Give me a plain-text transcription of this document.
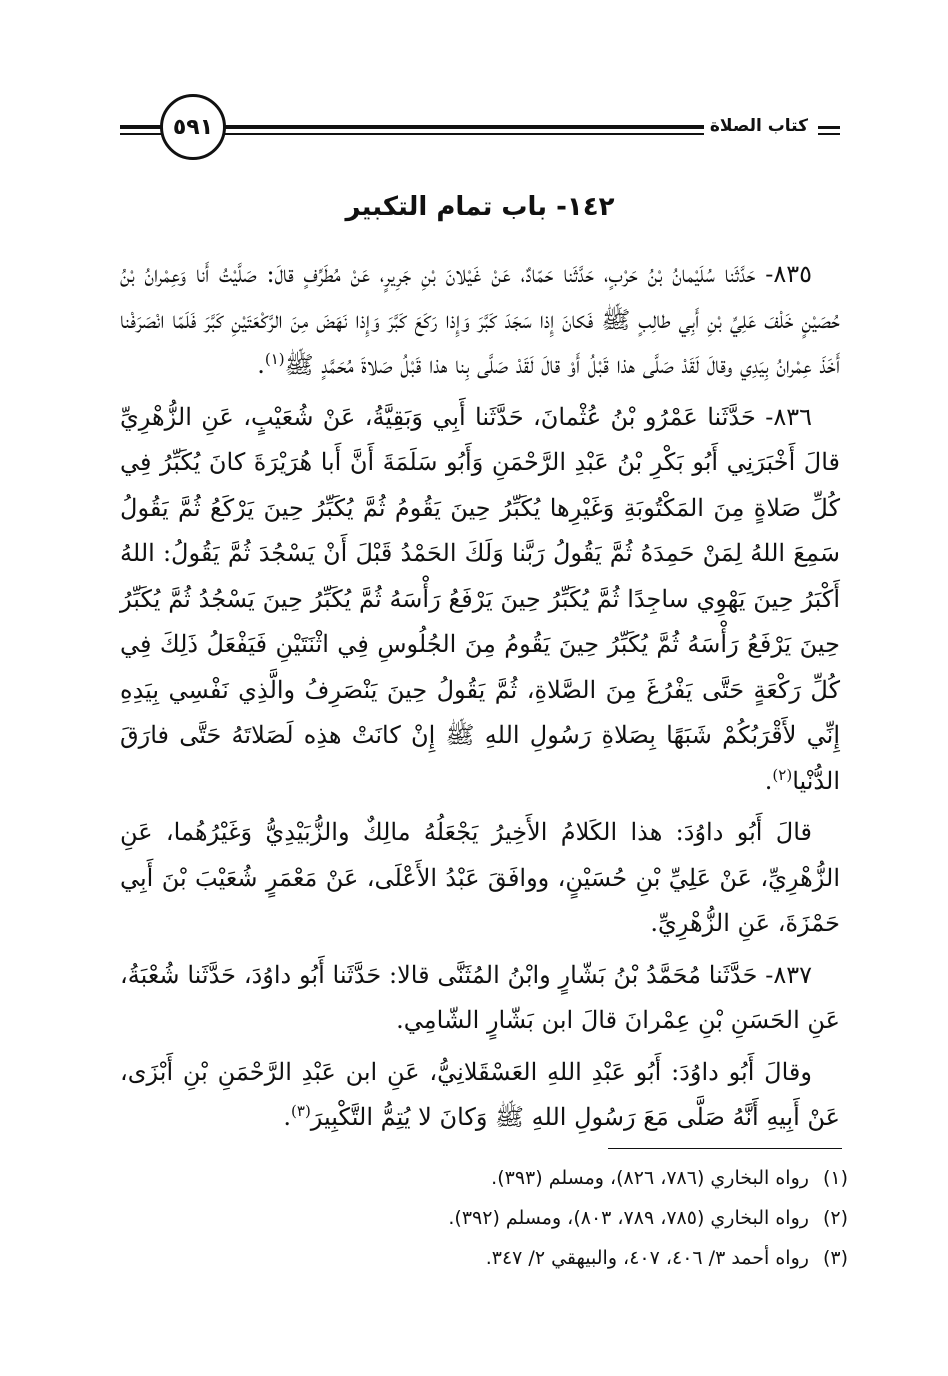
٥٩١	كتاب الصلاة
١٤٢- باب تمام التكبير

٨٣٥- حَدَّثَنا سُلَيْمانُ بْنُ حَرْبٍ، حَدَّثَنا حَمّادٌ، عَنْ غَيْلانَ بْنِ جَرِيرٍ، عَنْ مُطَرِّفٍ قالَ: صَلَّيْتُ أَنا وَعِمْرانُ بْنُ حُصَيْنٍ خَلْفَ عَلِيِّ بْنِ أَبِي طالِبٍ ﷺ فَكانَ إِذا سَجَدَ كَبَّرَ وَإِذا رَكَعَ كَبَّرَ وَإِذا نَهَضَ مِنَ الرَّكْعَتَيْنِ كَبَّرَ فَلَمّا انْصَرَفْنا أَخَذَ عِمْرانُ بِيَدِي وقالَ لَقَدْ صَلَّى هذا قَبْلُ أَوْ قالَ لَقَدْ صَلَّى بِنا هذا قَبْلُ صَلاةَ مُحَمَّدٍ ﷺ$^{(١)}$.

٨٣٦- حَدَّثَنا عَمْرُو بْنُ عُثْمانَ، حَدَّثَنا أَبِي وَبَقِيَّةُ، عَنْ شُعَيْبٍ، عَنِ الزُّهْرِيِّ قالَ أَخْبَرَنِي أَبُو بَكْرِ بْنُ عَبْدِ الرَّحْمَنِ وَأَبُو سَلَمَةَ أَنَّ أَبا هُرَيْرَةَ كانَ يُكَبِّرُ فِي كُلِّ صَلاةٍ مِنَ المَكْتُوبَةِ وَغَيْرِها يُكَبِّرُ حِينَ يَقُومُ ثُمَّ يُكَبِّرُ حِينَ يَرْكَعُ ثُمَّ يَقُولُ سَمِعَ اللهُ لِمَنْ حَمِدَهُ ثُمَّ يَقُولُ رَبَّنا وَلَكَ الحَمْدُ قَبْلَ أَنْ يَسْجُدَ ثُمَّ يَقُولُ: اللهُ أَكْبَرُ حِينَ يَهْوِي ساجِدًا ثُمَّ يُكَبِّرُ حِينَ يَرْفَعُ رَأْسَهُ ثُمَّ يُكَبِّرُ حِينَ يَسْجُدُ ثُمَّ يُكَبِّرُ حِينَ يَرْفَعُ رَأْسَهُ ثُمَّ يُكَبِّرُ حِينَ يَقُومُ مِنَ الجُلُوسِ فِي اثْنَتَيْنِ فَيَفْعَلُ ذَلِكَ فِي كُلِّ رَكْعَةٍ حَتَّى يَفْرُغَ مِنَ الصَّلاةِ، ثُمَّ يَقُولُ حِينَ يَنْصَرِفُ والَّذِي نَفْسِي بِيَدِهِ إِنِّي لأَقْرَبُكُمْ شَبَهًا بِصَلاةِ رَسُولِ اللهِ ﷺ إِنْ كانَتْ هذِه لَصَلاتَهُ حَتَّى فارَقَ الدُّنْيا$^{(٢)}$.

قالَ أَبُو داوُدَ: هذا الكَلامُ الأَخِيرُ يَجْعَلُهُ مالِكٌ والزُّبَيْدِيُّ وَغَيْرُهُما، عَنِ الزُّهْرِيِّ، عَنْ عَلِيِّ بْنِ حُسَيْنٍ، ووافَقَ عَبْدُ الأَعْلَى، عَنْ مَعْمَرٍ شُعَيْبَ بْنَ أَبِي حَمْزَةَ، عَنِ الزُّهْرِيِّ.

٨٣٧- حَدَّثَنا مُحَمَّدُ بْنُ بَشّارٍ وابْنُ المُثَنَّى قالا: حَدَّثَنا أَبُو داوُدَ، حَدَّثَنا شُعْبَةُ، عَنِ الحَسَنِ بْنِ عِمْرانَ قالَ ابن بَشّارٍ الشّامِي.

وقالَ أَبُو داوُدَ: أَبُو عَبْدِ اللهِ العَسْقَلانِيُّ، عَنِ ابن عَبْدِ الرَّحْمَنِ بْنِ أَبْزَى، عَنْ أَبِيهِ أَنَّهُ صَلَّى مَعَ رَسُولِ اللهِ ﷺ وَكانَ لا يُتِمُّ التَّكْبِيرَ$^{(٣)}$.

(١)رواه البخاري (٧٨٦، ٨٢٦)، ومسلم (٣٩٣).
(٢)رواه البخاري (٧٨٥، ٧٨٩، ٨٠٣)، ومسلم (٣٩٢).
(٣)رواه أحمد ٣/ ٤٠٦، ٤٠٧، والبيهقي ٢/ ٣٤٧.
